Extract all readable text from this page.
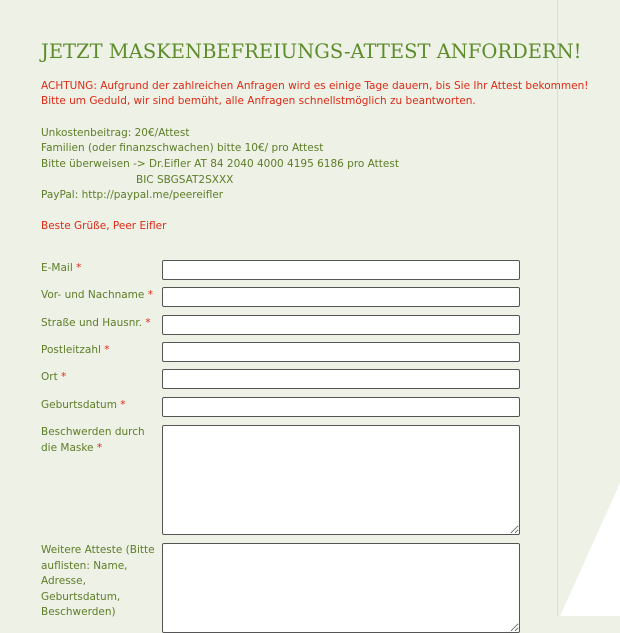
JETZT MASKENBEFREIUNGS-ATTEST ANFORDERN!
ACHTUNG: Aufgrund der zahlreichen Anfragen wird es einige Tage dauern, bis Sie Ihr Attest bekommen!
Bitte um Geduld, wir sind bemüht, alle Anfragen schnellstmöglich zu beantworten.
Unkostenbeitrag: 20€/Attest
Familien (oder finanzschwachen) bitte 10€/ pro Attest
Bitte überweisen -> Dr.Eifler AT 84 2040 4000 4195 6186 pro Attest
BIC SBGSAT2SXXX
PayPal: http://paypal.me/peereifler
Beste Grüße, Peer Eifler
E-Mail *
Vor- und Nachname *
Straße und Hausnr. *
Postleitzahl *
Ort *
Geburtsdatum *
Beschwerden durch die Maske *
Weitere Atteste (Bitte auflisten: Name, Adresse, Geburtsdatum, Beschwerden)
